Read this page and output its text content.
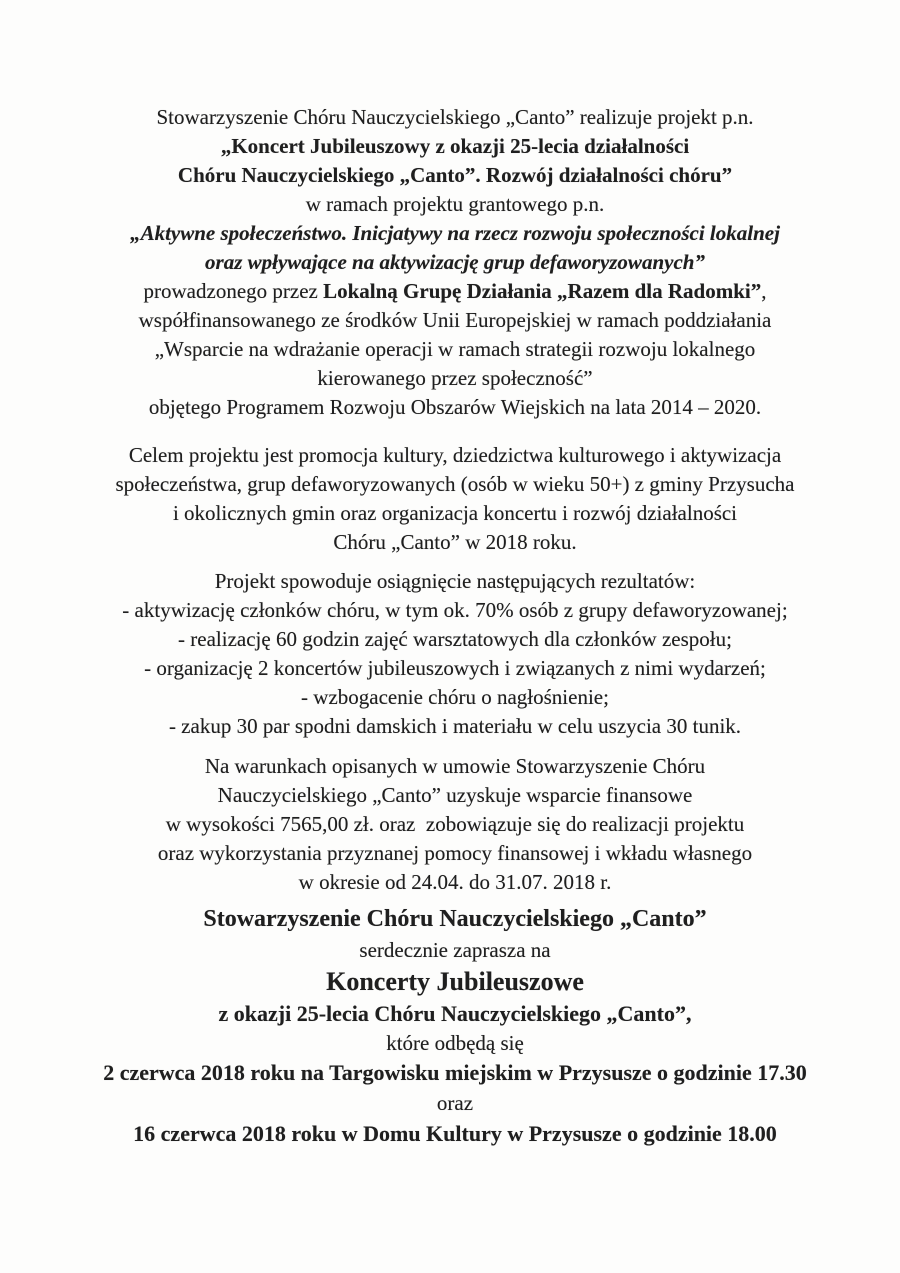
Stowarzyszenie Chóru Nauczycielskiego „Canto” realizuje projekt p.n.
„Koncert Jubileuszowy z okazji 25-lecia działalności
Chóru Nauczycielskiego „Canto”. Rozwój działalności chóru”
w ramach projektu grantowego p.n.
„Aktywne społeczeństwo. Inicjatywy na rzecz rozwoju społeczności lokalnej
oraz wpływające na aktywizację grup defaworyzowanych”
prowadzonego przez Lokalną Grupę Działania „Razem dla Radomki”,
współfinansowanego ze środków Unii Europejskiej w ramach poddziałania
„Wsparcie na wdrażanie operacji w ramach strategii rozwoju lokalnego
kierowanego przez społeczność”
objętego Programem Rozwoju Obszarów Wiejskich na lata 2014 – 2020.
Celem projektu jest promocja kultury, dziedzictwa kulturowego i aktywizacja
społeczeństwa, grup defaworyzowanych (osób w wieku 50+) z gminy Przysucha
i okolicznych gmin oraz organizacja koncertu i rozwój działalności
Chóru „Canto” w 2018 roku.
Projekt spowoduje osiągnięcie następujących rezultatów:
- aktywizację członków chóru, w tym ok. 70% osób z grupy defaworyzowanej;
- realizację 60 godzin zajęć warsztatowych dla członków zespołu;
- organizację 2 koncertów jubileuszowych i związanych z nimi wydarzeń;
- wzbogacenie chóru o nagłośnienie;
- zakup 30 par spodni damskich i materiału w celu uszycia 30 tunik.
Na warunkach opisanych w umowie Stowarzyszenie Chóru
Nauczycielskiego „Canto” uzyskuje wsparcie finansowe
w wysokości 7565,00 zł. oraz  zobowiązuje się do realizacji projektu
oraz wykorzystania przyznanej pomocy finansowej i wkładu własnego
w okresie od 24.04. do 31.07. 2018 r.
Stowarzyszenie Chóru Nauczycielskiego „Canto”
serdecznie zaprasza na
Koncerty Jubileuszowe
z okazji 25-lecia Chóru Nauczycielskiego „Canto”,
które odbędą się
2 czerwca 2018 roku na Targowisku miejskim w Przysusze o godzinie 17.30
oraz
16 czerwca 2018 roku w Domu Kultury w Przysusze o godzinie 18.00
